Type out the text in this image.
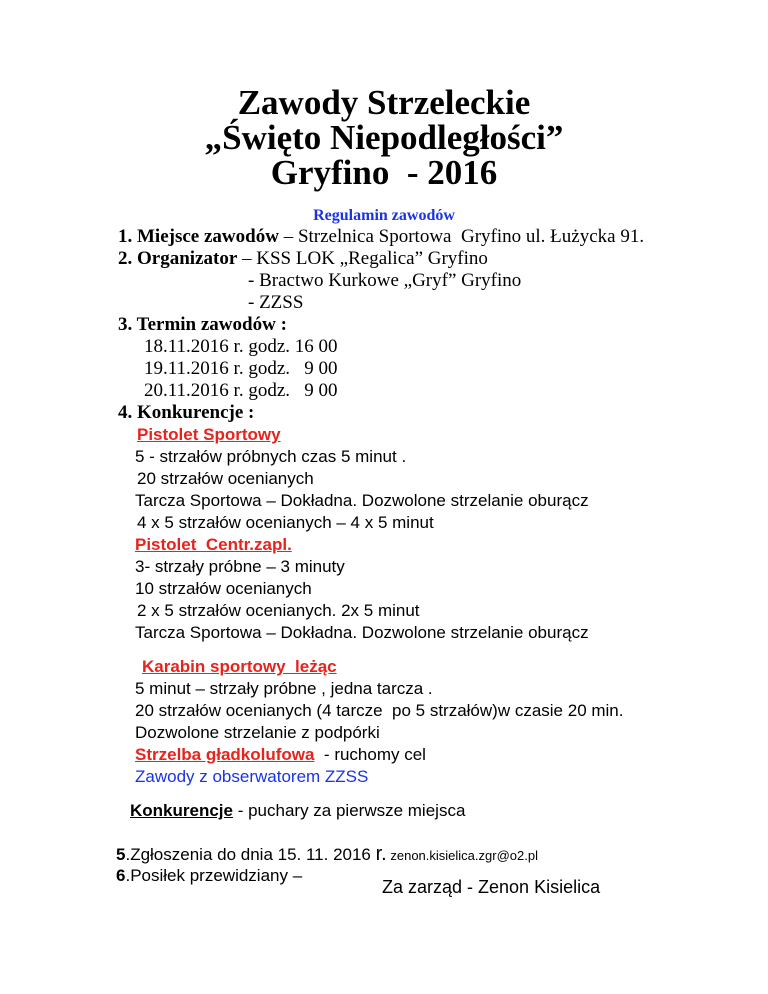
Zawody Strzeleckie
„Święto Niepodległości”
Gryfino  - 2016
Regulamin zawodów
1. Miejsce zawodów – Strzelnica Sportowa  Gryfino ul. Łużycka 91.
2. Organizator – KSS LOK „Regalica” Gryfino
- Bractwo Kurkowe „Gryf” Gryfino
- ZZSS
3. Termin zawodów :
18.11.2016 r. godz. 16 00
19.11.2016 r. godz.   9 00
20.11.2016 r. godz.   9 00
4. Konkurencje :
Pistolet Sportowy
5 - strzałów próbnych czas 5 minut .
20 strzałów ocenianych
Tarcza Sportowa – Dokładna. Dozwolone strzelanie oburącz
4 x 5 strzałów ocenianych – 4 x 5 minut
Pistolet  Centr.zapl.
3- strzały próbne – 3 minuty
10 strzałów ocenianych
2 x 5 strzałów ocenianych. 2x 5 minut
Tarcza Sportowa – Dokładna. Dozwolone strzelanie oburącz
Karabin sportowy  leżąc
5 minut – strzały próbne , jedna tarcza .
20 strzałów ocenianych (4 tarcze  po 5 strzałów)w czasie 20 min.
Dozwolone strzelanie z podpórki
Strzelba gładkolufowa  - ruchomy cel
Zawody z obserwatorem ZZSS
Konkurencje - puchary za pierwsze miejsca
5.Zgłoszenia do dnia 15. 11. 2016 r. zenon.kisielica.zgr@o2.pl
6.Posiłek przewidziany –
Za zarząd - Zenon Kisielica
